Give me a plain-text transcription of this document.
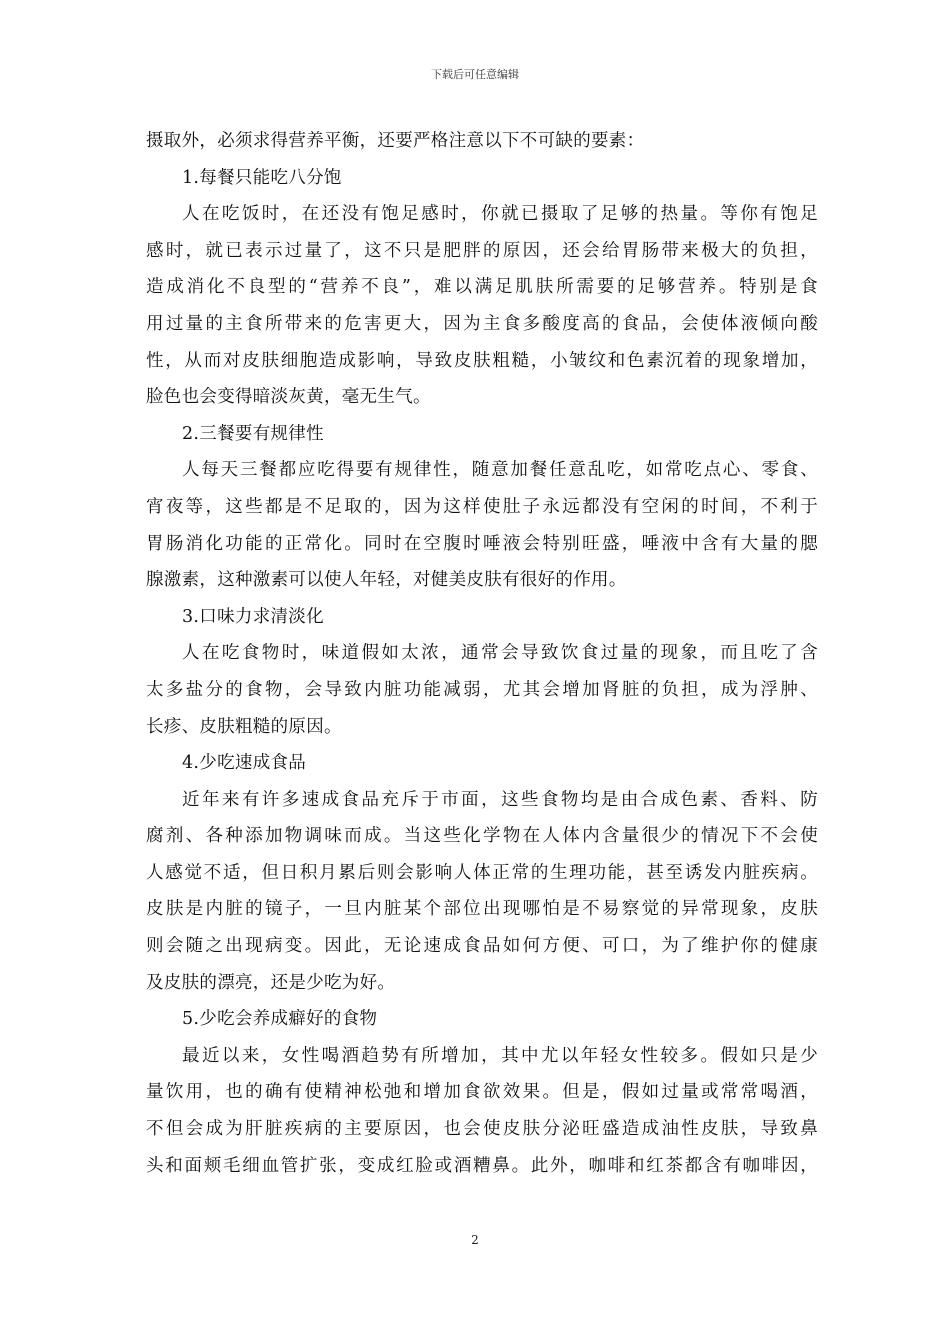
下载后可任意编辑
摄取外，必须求得营养平衡，还要严格注意以下不可缺的要素：
1.每餐只能吃八分饱
人在吃饭时，在还没有饱足感时，你就已摄取了足够的热量。等你有饱足
感时，就已表示过量了，这不只是肥胖的原因，还会给胃肠带来极大的负担，
造成消化不良型的“营养不良”，难以满足肌肤所需要的足够营养。特别是食
用过量的主食所带来的危害更大，因为主食多酸度高的食品，会使体液倾向酸
性，从而对皮肤细胞造成影响，导致皮肤粗糙，小皱纹和色素沉着的现象增加，
脸色也会变得暗淡灰黄，毫无生气。
2.三餐要有规律性
人每天三餐都应吃得要有规律性，随意加餐任意乱吃，如常吃点心、零食、
宵夜等，这些都是不足取的，因为这样使肚子永远都没有空闲的时间，不利于
胃肠消化功能的正常化。同时在空腹时唾液会特别旺盛，唾液中含有大量的腮
腺激素，这种激素可以使人年轻，对健美皮肤有很好的作用。
3.口味力求清淡化
人在吃食物时，味道假如太浓，通常会导致饮食过量的现象，而且吃了含
太多盐分的食物，会导致内脏功能减弱，尤其会增加肾脏的负担，成为浮肿、
长疹、皮肤粗糙的原因。
4.少吃速成食品
近年来有许多速成食品充斥于市面，这些食物均是由合成色素、香料、防
腐剂、各种添加物调味而成。当这些化学物在人体内含量很少的情况下不会使
人感觉不适，但日积月累后则会影响人体正常的生理功能，甚至诱发内脏疾病。
皮肤是内脏的镜子，一旦内脏某个部位出现哪怕是不易察觉的异常现象，皮肤
则会随之出现病变。因此，无论速成食品如何方便、可口，为了维护你的健康
及皮肤的漂亮，还是少吃为好。
5.少吃会养成癖好的食物
最近以来，女性喝酒趋势有所增加，其中尤以年轻女性较多。假如只是少
量饮用，也的确有使精神松弛和增加食欲效果。但是，假如过量或常常喝酒，
不但会成为肝脏疾病的主要原因，也会使皮肤分泌旺盛造成油性皮肤，导致鼻
头和面颊毛细血管扩张，变成红脸或酒糟鼻。此外，咖啡和红茶都含有咖啡因，
2
